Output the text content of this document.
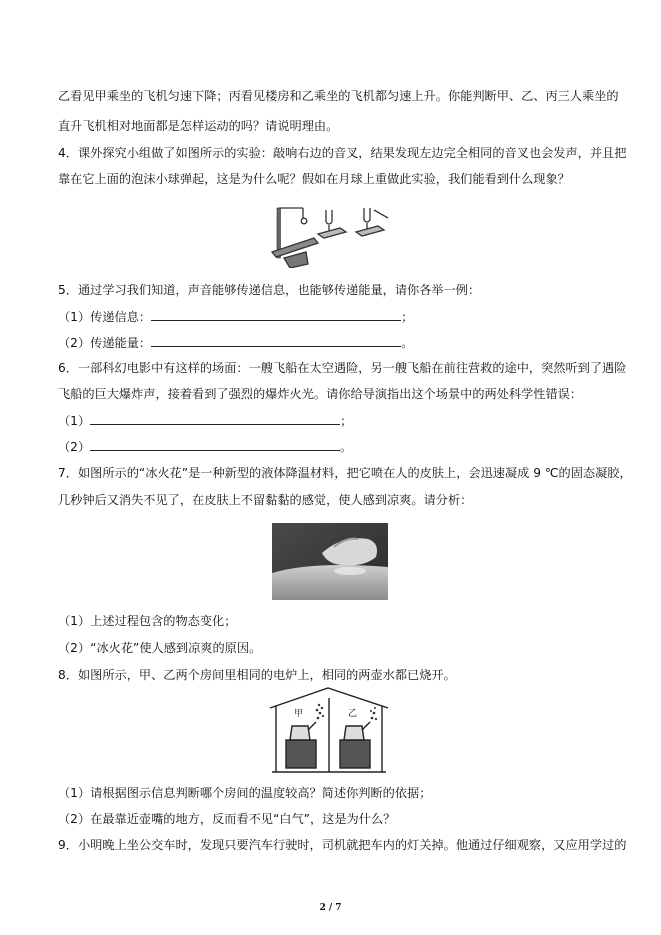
乙看见甲乘坐的飞机匀速下降；丙看见楼房和乙乘坐的飞机都匀速上升。你能判断甲、乙、丙三人乘坐的
直升飞机相对地面都是怎样运动的吗？请说明理由。
4．课外探究小组做了如图所示的实验：敲响右边的音叉，结果发现左边完全相同的音叉也会发声，并且把
靠在它上面的泡沫小球弹起，这是为什么呢？假如在月球上重做此实验，我们能看到什么现象？
5．通过学习我们知道，声音能够传递信息，也能够传递能量，请你各举一例：
（1）传递信息：	；
（2）传递能量：	。
6．一部科幻电影中有这样的场面：一艘飞船在太空遇险，另一艘飞船在前往营救的途中，突然听到了遇险
飞船的巨大爆炸声，接着看到了强烈的爆炸火光。请你给导演指出这个场景中的两处科学性错误：
（1）	；
（2）	。
7．如图所示的“冰火花”是一种新型的液体降温材料，把它喷在人的皮肤上，会迅速凝成 9 ℃的固态凝胶，
几秒钟后又消失不见了，在皮肤上不留黏黏的感觉，使人感到凉爽。请分析：
（1）上述过程包含的物态变化；
（2）“冰火花”使人感到凉爽的原因。
8．如图所示，甲、乙两个房间里相同的电炉上，相同的两壶水都已烧开。
甲	乙
（1）请根据图示信息判断哪个房间的温度较高？简述你判断的依据；
（2）在最靠近壶嘴的地方，反而看不见“白气”，这是为什么？
9．小明晚上坐公交车时，发现只要汽车行驶时，司机就把车内的灯关掉。他通过仔细观察，又应用学过的
2 / 7
